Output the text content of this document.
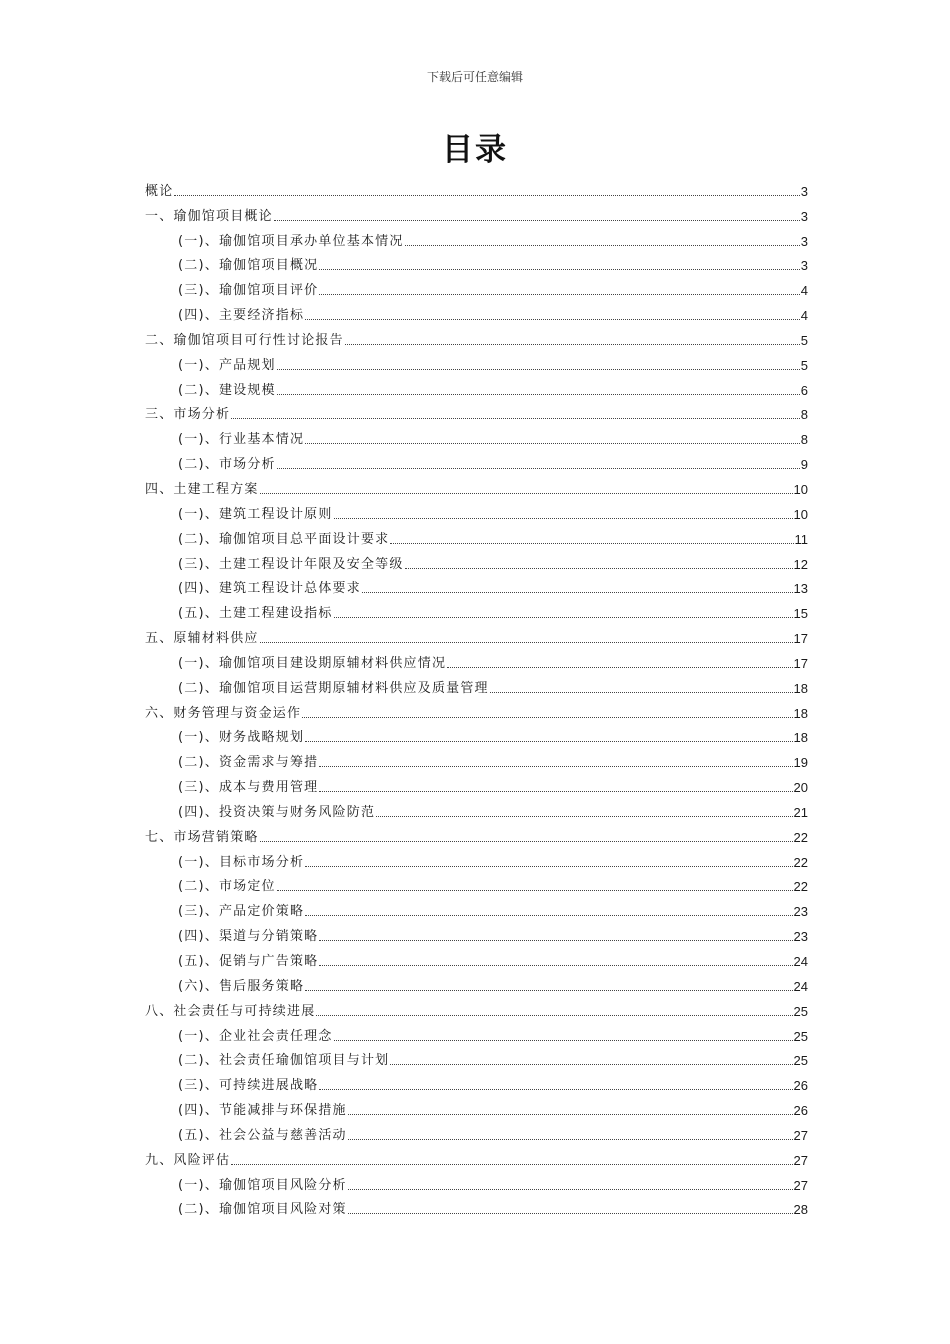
下载后可任意编辑
目录
概论	3
一、瑜伽馆项目概论	3
(一)、瑜伽馆项目承办单位基本情况	3
(二)、瑜伽馆项目概况	3
(三)、瑜伽馆项目评价	4
(四)、主要经济指标	4
二、瑜伽馆项目可行性讨论报告	5
(一)、产品规划	5
(二)、建设规模	6
三、市场分析	8
(一)、行业基本情况	8
(二)、市场分析	9
四、土建工程方案	10
(一)、建筑工程设计原则	10
(二)、瑜伽馆项目总平面设计要求	11
(三)、土建工程设计年限及安全等级	12
(四)、建筑工程设计总体要求	13
(五)、土建工程建设指标	15
五、原辅材料供应	17
(一)、瑜伽馆项目建设期原辅材料供应情况	17
(二)、瑜伽馆项目运营期原辅材料供应及质量管理	18
六、财务管理与资金运作	18
(一)、财务战略规划	18
(二)、资金需求与筹措	19
(三)、成本与费用管理	20
(四)、投资决策与财务风险防范	21
七、市场营销策略	22
(一)、目标市场分析	22
(二)、市场定位	22
(三)、产品定价策略	23
(四)、渠道与分销策略	23
(五)、促销与广告策略	24
(六)、售后服务策略	24
八、社会责任与可持续进展	25
(一)、企业社会责任理念	25
(二)、社会责任瑜伽馆项目与计划	25
(三)、可持续进展战略	26
(四)、节能减排与环保措施	26
(五)、社会公益与慈善活动	27
九、风险评估	27
(一)、瑜伽馆项目风险分析	27
(二)、瑜伽馆项目风险对策	28
